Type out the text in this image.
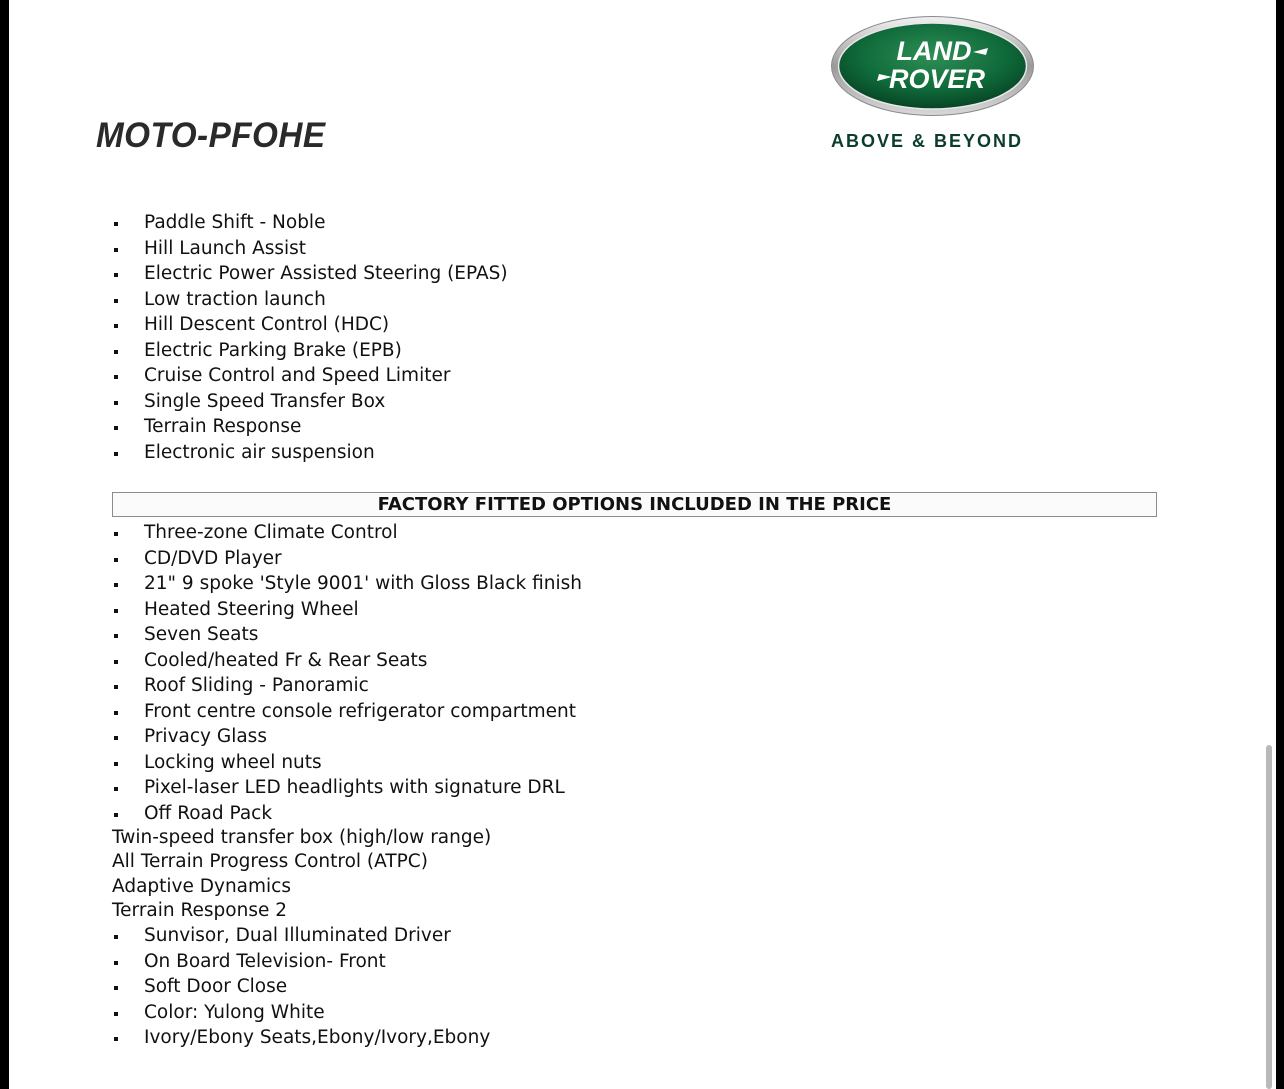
MOTO-PFOHE
LAND
ROVER
ABOVE & BEYOND
Paddle Shift - Noble
Hill Launch Assist
Electric Power Assisted Steering (EPAS)
Low traction launch
Hill Descent Control (HDC)
Electric Parking Brake (EPB)
Cruise Control and Speed Limiter
Single Speed Transfer Box
Terrain Response
Electronic air suspension
FACTORY FITTED OPTIONS INCLUDED IN THE PRICE
Three-zone Climate Control
CD/DVD Player
21" 9 spoke 'Style 9001' with Gloss Black finish
Heated Steering Wheel
Seven Seats
Cooled/heated Fr & Rear Seats
Roof Sliding - Panoramic
Front centre console refrigerator compartment
Privacy Glass
Locking wheel nuts
Pixel-laser LED headlights with signature DRL
Off Road Pack
Twin-speed transfer box (high/low range)
All Terrain Progress Control (ATPC)
Adaptive Dynamics
Terrain Response 2
Sunvisor, Dual Illuminated Driver
On Board Television- Front
Soft Door Close
Color: Yulong White
Ivory/Ebony Seats,Ebony/Ivory,Ebony
